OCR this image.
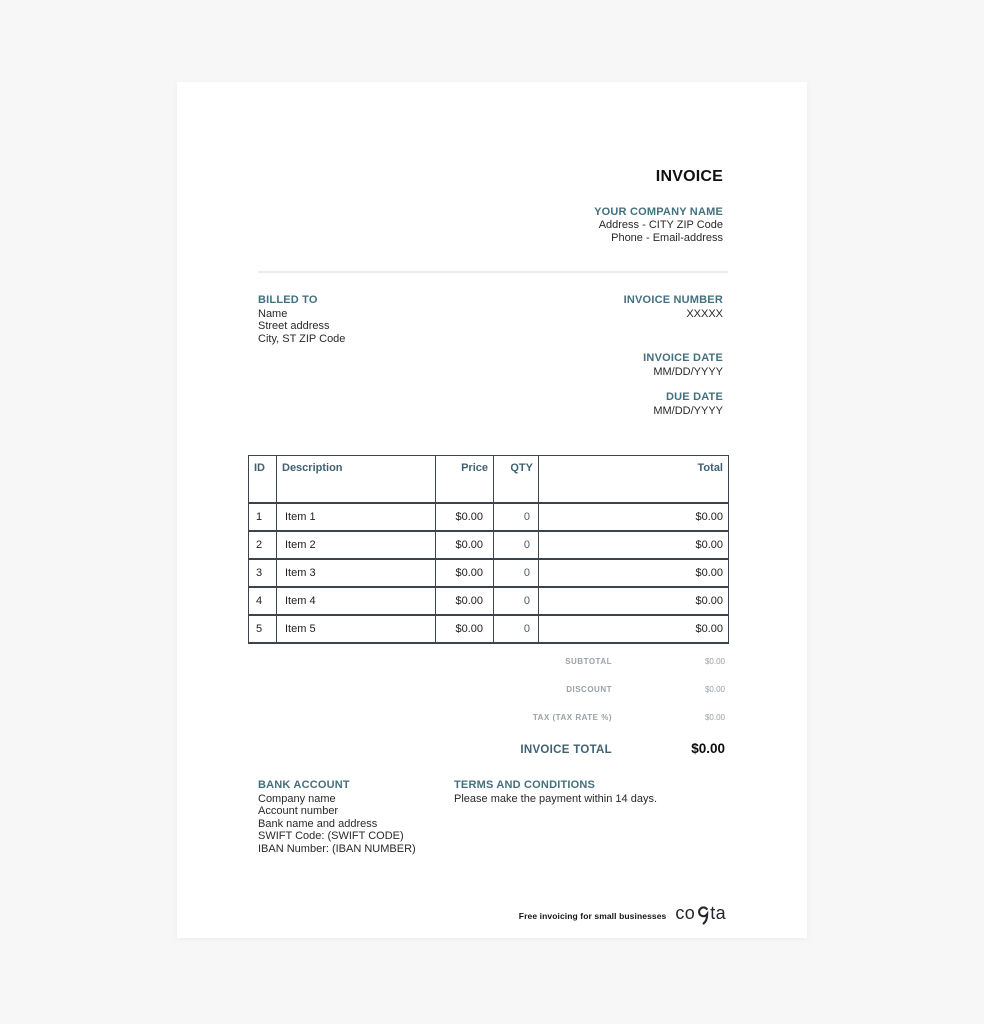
INVOICE
YOUR COMPANY NAME
Address - CITY ZIP Code
Phone - Email-address
BILLED TO
Name
Street address
City, ST ZIP Code
INVOICE NUMBER
XXXXX
INVOICE DATE
MM/DD/YYYY
DUE DATE
MM/DD/YYYY
ID	Description	Price	QTY	Total
1	Item 1	$0.00	0	$0.00
2	Item 2	$0.00	0	$0.00
3	Item 3	$0.00	0	$0.00
4	Item 4	$0.00	0	$0.00
5	Item 5	$0.00	0	$0.00
SUBTOTAL	$0.00
DISCOUNT	$0.00
TAX (TAX RATE %)	$0.00
INVOICE TOTAL	$0.00
BANK ACCOUNT
Company name
Account number
Bank name and address
SWIFT Code: (SWIFT CODE)
IBAN Number: (IBAN NUMBER)
TERMS AND CONDITIONS
Please make the payment within 14 days.
Free invoicing for small businesses co ta
